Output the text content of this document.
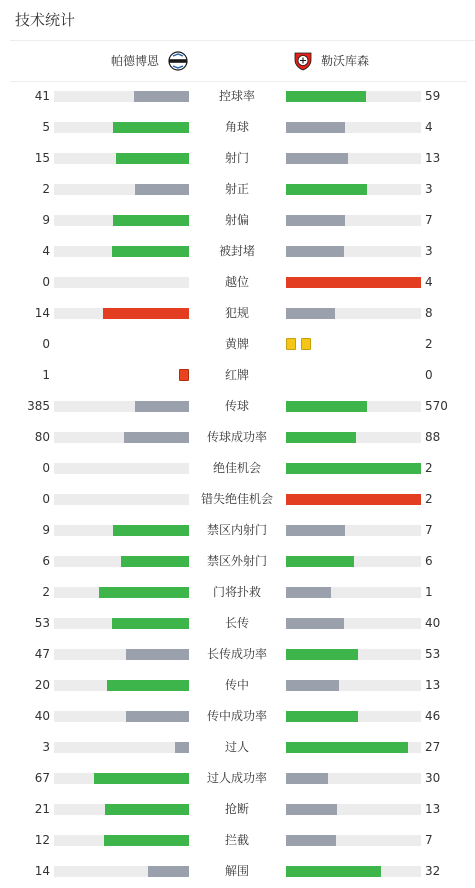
技术统计
帕德博恩	勒沃库森
41	控球率	59
5	角球	4
15	射门	13
2	射正	3
9	射偏	7
4	被封堵	3
0	越位	4
14	犯规	8
0	黄牌	2
1	红牌	0
385	传球	570
80	传球成功率	88
0	绝佳机会	2
0	错失绝佳机会	2
9	禁区内射门	7
6	禁区外射门	6
2	门将扑救	1
53	长传	40
47	长传成功率	53
20	传中	13
40	传中成功率	46
3	过人	27
67	过人成功率	30
21	抢断	13
12	拦截	7
14	解围	32
